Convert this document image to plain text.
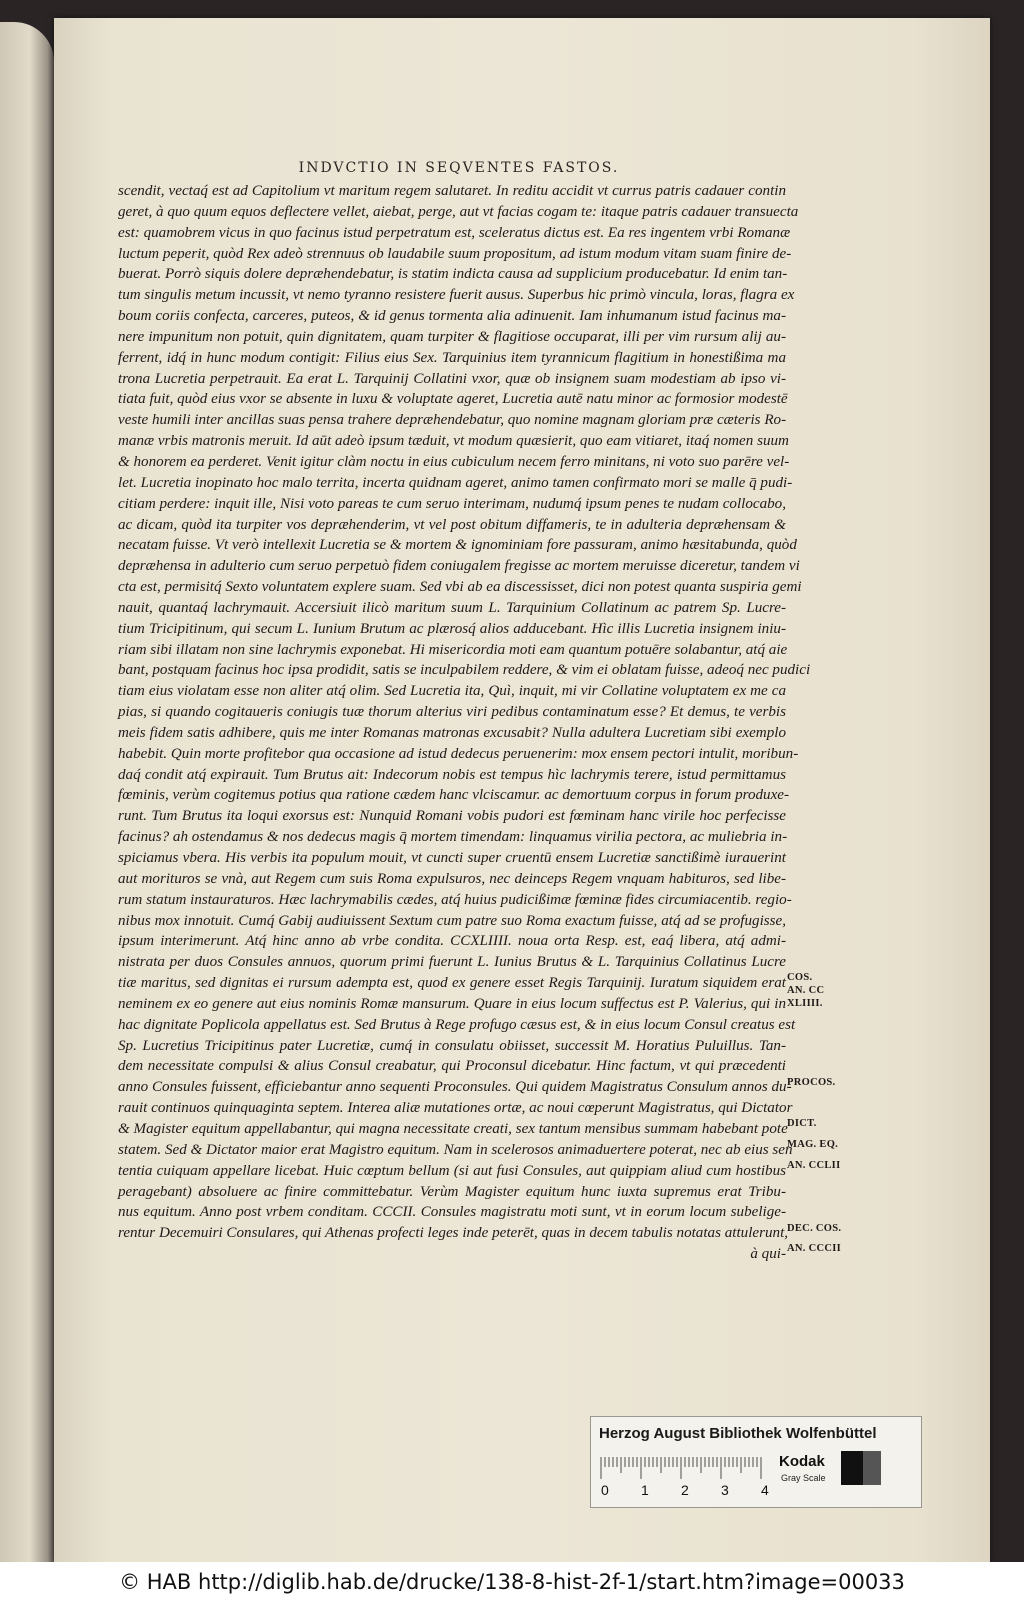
INDVCTIO IN SEQVENTES FASTOS.
scendit, vectaq́ est ad Capitolium vt maritum regem salutaret. In reditu accidit vt currus patris cadauer contin
geret, à quo quum equos deflectere vellet, aiebat, perge, aut vt facias cogam te: itaque patris cadauer transuecta
est: quamobrem vicus in quo facinus istud perpetratum est, sceleratus dictus est. Ea res ingentem vrbi Romanæ
luctum peperit, quòd Rex adeò strennuus ob laudabile suum propositum, ad istum modum vitam suam finire de-
buerat. Porrò siquis dolere depræhendebatur, is statim indicta causa ad supplicium producebatur. Id enim tan-
tum singulis metum incussit, vt nemo tyranno resistere fuerit ausus. Superbus hic primò vincula, loras, flagra ex
boum coriis confecta, carceres, puteos, & id genus tormenta alia adinuenit. Iam inhumanum istud facinus ma-
nere impunitum non potuit, quin dignitatem, quam turpiter & flagitiose occuparat, illi per vim rursum alij au-
ferrent, idq́ in hunc modum contigit: Filius eius Sex. Tarquinius item tyrannicum flagitium in honestißima ma
trona Lucretia perpetrauit. Ea erat L. Tarquinij Collatini vxor, quæ ob insignem suam modestiam ab ipso vi-
tiata fuit, quòd eius vxor se absente in luxu & voluptate ageret, Lucretia autē natu minor ac formosior modestē
veste humili inter ancillas suas pensa trahere depræhendebatur, quo nomine magnam gloriam præ cæteris Ro-
manæ vrbis matronis meruit. Id aūt adeò ipsum tæduit, vt modum quæsierit, quo eam vitiaret, itaq́ nomen suum
& honorem ea perderet. Venit igitur clàm noctu in eius cubiculum necem ferro minitans, ni voto suo parēre vel-
let. Lucretia inopinato hoc malo territa, incerta quidnam ageret, animo tamen confirmato mori se malle q̄ pudi-
citiam perdere: inquit ille, Nisi voto pareas te cum seruo interimam, nudumq́ ipsum penes te nudam collocabo,
ac dicam, quòd ita turpiter vos depræhenderim, vt vel post obitum diffameris, te in adulteria depræhensam &
necatam fuisse. Vt verò intellexit Lucretia se & mortem & ignominiam fore passuram, animo hæsitabunda, quòd
depræhensa in adulterio cum seruo perpetuò fidem coniugalem fregisse ac mortem meruisse diceretur, tandem vi
cta est, permisitq́ Sexto voluntatem explere suam. Sed vbi ab ea discessisset, dici non potest quanta suspiria gemi
nauit, quantaq́ lachrymauit. Accersiuit ilicò maritum suum L. Tarquinium Collatinum ac patrem Sp. Lucre-
tium Tricipitinum, qui secum L. Iunium Brutum ac plærosq́ alios adducebant. Hìc illis Lucretia insignem iniu-
riam sibi illatam non sine lachrymis exponebat. Hi misericordia moti eam quantum potuēre solabantur, atq́ aie
bant, postquam facinus hoc ipsa prodidit, satis se inculpabilem reddere, & vim ei oblatam fuisse, adeoq́ nec pudici
tiam eius violatam esse non aliter atq́ olim. Sed Lucretia ita, Quì, inquit, mi vir Collatine voluptatem ex me ca
pias, si quando cogitaueris coniugis tuæ thorum alterius viri pedibus contaminatum esse? Et demus, te verbis
meis fidem satis adhibere, quis me inter Romanas matronas excusabit? Nulla adultera Lucretiam sibi exemplo
habebit. Quin morte profitebor qua occasione ad istud dedecus peruenerim: mox ensem pectori intulit, moribun-
daq́ condit atq́ expirauit. Tum Brutus ait: Indecorum nobis est tempus hìc lachrymis terere, istud permittamus
fœminis, verùm cogitemus potius qua ratione cædem hanc vlciscamur. ac demortuum corpus in forum produxe-
runt. Tum Brutus ita loqui exorsus est: Nunquid Romani vobis pudori est fœminam hanc virile hoc perfecisse
facinus? ah ostendamus & nos dedecus magis q̄ mortem timendam: linquamus virilia pectora, ac muliebria in-
spiciamus vbera. His verbis ita populum mouit, vt cuncti super cruentū ensem Lucretiæ sanctißimè iurauerint
aut morituros se vnà, aut Regem cum suis Roma expulsuros, nec deinceps Regem vnquam habituros, sed libe-
rum statum instauraturos. Hæc lachrymabilis cædes, atq́ huius pudicißimæ fœminæ fides circumiacentib. regio-
nibus mox innotuit. Cumq́ Gabij audiuissent Sextum cum patre suo Roma exactum fuisse, atq́ ad se profugisse,
ipsum interimerunt. Atq́ hinc anno ab vrbe condita. CCXLIIII. noua orta Resp. est, eaq́ libera, atq́ admi-
nistrata per duos Consules annuos, quorum primi fuerunt L. Iunius Brutus & L. Tarquinius Collatinus Lucre
tiæ maritus, sed dignitas ei rursum adempta est, quod ex genere esset Regis Tarquinij. Iuratum siquidem erat
neminem ex eo genere aut eius nominis Romæ mansurum. Quare in eius locum suffectus est P. Valerius, qui in
hac dignitate Poplicola appellatus est. Sed Brutus à Rege profugo cæsus est, & in eius locum Consul creatus est
Sp. Lucretius Tricipitinus pater Lucretiæ, cumq́ in consulatu obiisset, successit M. Horatius Puluillus. Tan-
dem necessitate compulsi & alius Consul creabatur, qui Proconsul dicebatur. Hinc factum, vt qui præcedenti
anno Consules fuissent, efficiebantur anno sequenti Proconsules. Qui quidem Magistratus Consulum annos du-
rauit continuos quinquaginta septem. Interea aliæ mutationes ortæ, ac noui cœperunt Magistratus, qui Dictator
& Magister equitum appellabantur, qui magna necessitate creati, sex tantum mensibus summam habebant pote
statem. Sed & Dictator maior erat Magistro equitum. Nam in scelerosos animaduertere poterat, nec ab eius sen
tentia cuiquam appellare licebat. Huic cœptum bellum (si aut fusi Consules, aut quippiam aliud cum hostibus
peragebant) absoluere ac finire committebatur. Verùm Magister equitum hunc iuxta supremus erat Tribu-
nus equitum. Anno post vrbem conditam. CCCII. Consules magistratu moti sunt, vt in eorum locum subelige-
rentur Decemuiri Consulares, qui Athenas profecti leges inde peterēt, quas in decem tabulis notatas attulerunt,
à qui-
COS.
AN. CC
XLIIII.
PROCOS.
DICT.
MAG. EQ.
AN. CCLII
DEC. COS.
AN. CCCII
Herzog August Bibliothek Wolfenbüttel
0 1 2 3 4
Kodak
Gray Scale
© HAB http://diglib.hab.de/drucke/138-8-hist-2f-1/start.htm?image=00033
